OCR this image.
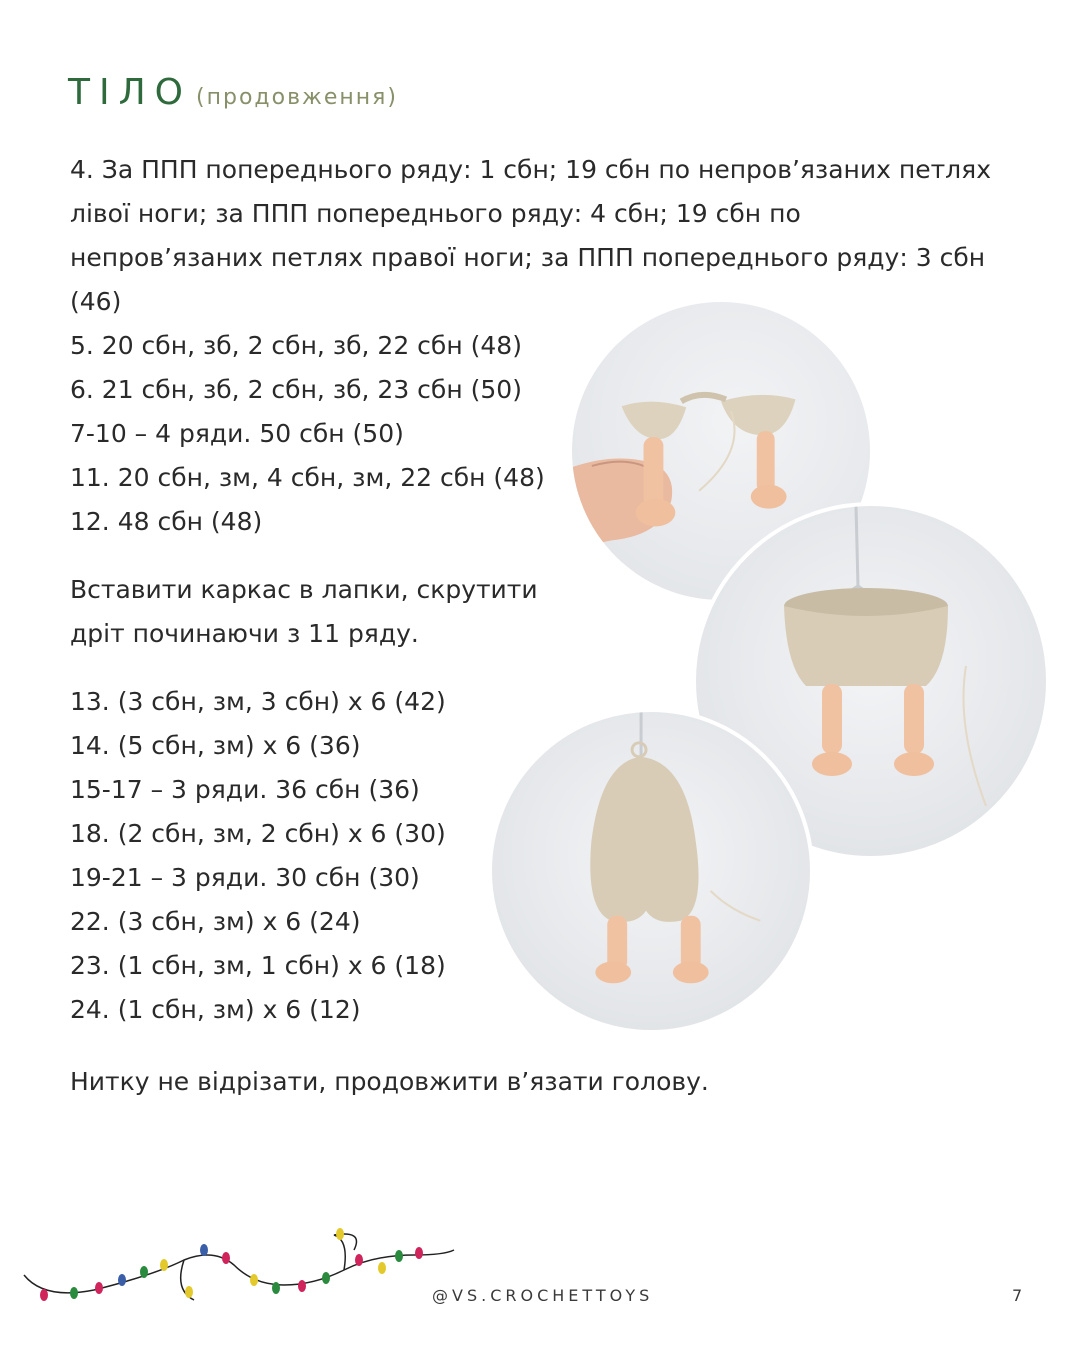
ТІЛО (продовження)

4. За ППП попереднього ряду: 1 сбн; 19 сбн по непров’язаних петлях лівої ноги; за ППП попереднього ряду: 4 сбн; 19 сбн по непров’язаних петлях правої ноги; за ППП попереднього ряду: 3 сбн (46)

5. 20 сбн, зб, 2 сбн, зб, 22 сбн (48)
6. 21 сбн, зб, 2 сбн, зб, 23 сбн (50)
7-10 – 4 ряди. 50 сбн (50)
11. 20 сбн, зм, 4 сбн, зм, 22 сбн (48)
12. 48 сбн (48)

Вставити каркас в лапки, скрутити дріт починаючи з 11 ряду.

13. (3 сбн, зм, 3 сбн) х 6 (42)
14. (5 сбн, зм) х 6 (36)
15-17 – 3 ряди. 36 сбн (36)
18. (2 сбн, зм, 2 сбн) х 6 (30)
19-21 – 3 ряди. 30 сбн (30)
22. (3 сбн, зм) х 6 (24)
23. (1 сбн, зм, 1 сбн) х 6 (18)
24. (1 сбн, зм) х 6 (12)

Нитку не відрізати, продовжити в’язати голову.

@VS.CROCHETTOYS	7
